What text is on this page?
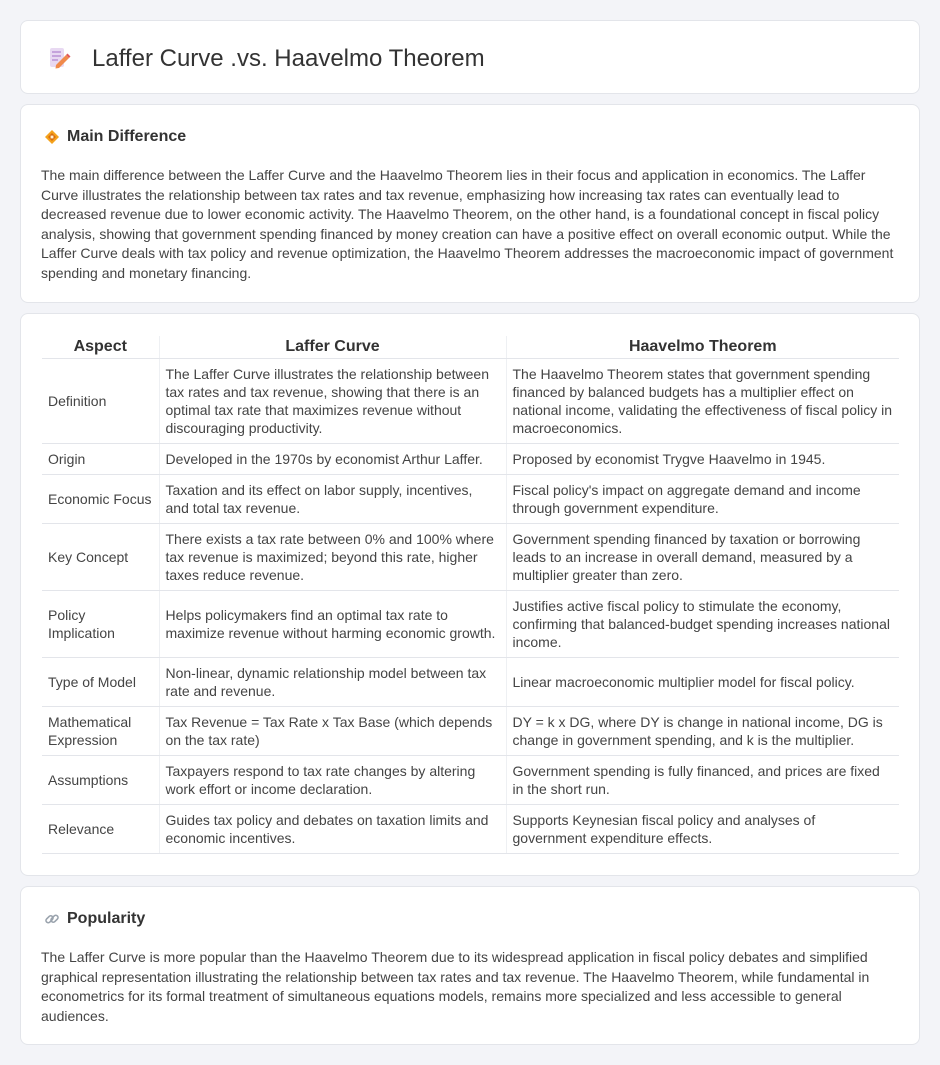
Laffer Curve .vs. Haavelmo Theorem
Main Difference

The main difference between the Laffer Curve and the Haavelmo Theorem lies in their focus and application in economics. The Laffer Curve illustrates the relationship between tax rates and tax revenue, emphasizing how increasing tax rates can eventually lead to decreased revenue due to lower economic activity. The Haavelmo Theorem, on the other hand, is a foundational concept in fiscal policy analysis, showing that government spending financed by money creation can have a positive effect on overall economic output. While the Laffer Curve deals with tax policy and revenue optimization, the Haavelmo Theorem addresses the macroeconomic impact of government spending and monetary financing.

Aspect	Laffer Curve	Haavelmo Theorem
Definition	The Laffer Curve illustrates the relationship between tax rates and tax revenue, showing that there is an optimal tax rate that maximizes revenue without discouraging productivity.	The Haavelmo Theorem states that government spending financed by balanced budgets has a multiplier effect on national income, validating the effectiveness of fiscal policy in macroeconomics.
Origin	Developed in the 1970s by economist Arthur Laffer.	Proposed by economist Trygve Haavelmo in 1945.
Economic Focus	Taxation and its effect on labor supply, incentives, and total tax revenue.	Fiscal policy's impact on aggregate demand and income through government expenditure.
Key Concept	There exists a tax rate between 0% and 100% where tax revenue is maximized; beyond this rate, higher taxes reduce revenue.	Government spending financed by taxation or borrowing leads to an increase in overall demand, measured by a multiplier greater than zero.
Policy Implication	Helps policymakers find an optimal tax rate to maximize revenue without harming economic growth.	Justifies active fiscal policy to stimulate the economy, confirming that balanced-budget spending increases national income.
Type of Model	Non-linear, dynamic relationship model between tax rate and revenue.	Linear macroeconomic multiplier model for fiscal policy.
Mathematical Expression	Tax Revenue = Tax Rate x Tax Base (which depends on the tax rate)	DY = k x DG, where DY is change in national income, DG is change in government spending, and k is the multiplier.
Assumptions	Taxpayers respond to tax rate changes by altering work effort or income declaration.	Government spending is fully financed, and prices are fixed in the short run.
Relevance	Guides tax policy and debates on taxation limits and economic incentives.	Supports Keynesian fiscal policy and analyses of government expenditure effects.
Popularity

The Laffer Curve is more popular than the Haavelmo Theorem due to its widespread application in fiscal policy debates and simplified graphical representation illustrating the relationship between tax rates and tax revenue. The Haavelmo Theorem, while fundamental in econometrics for its formal treatment of simultaneous equations models, remains more specialized and less accessible to general audiences.
